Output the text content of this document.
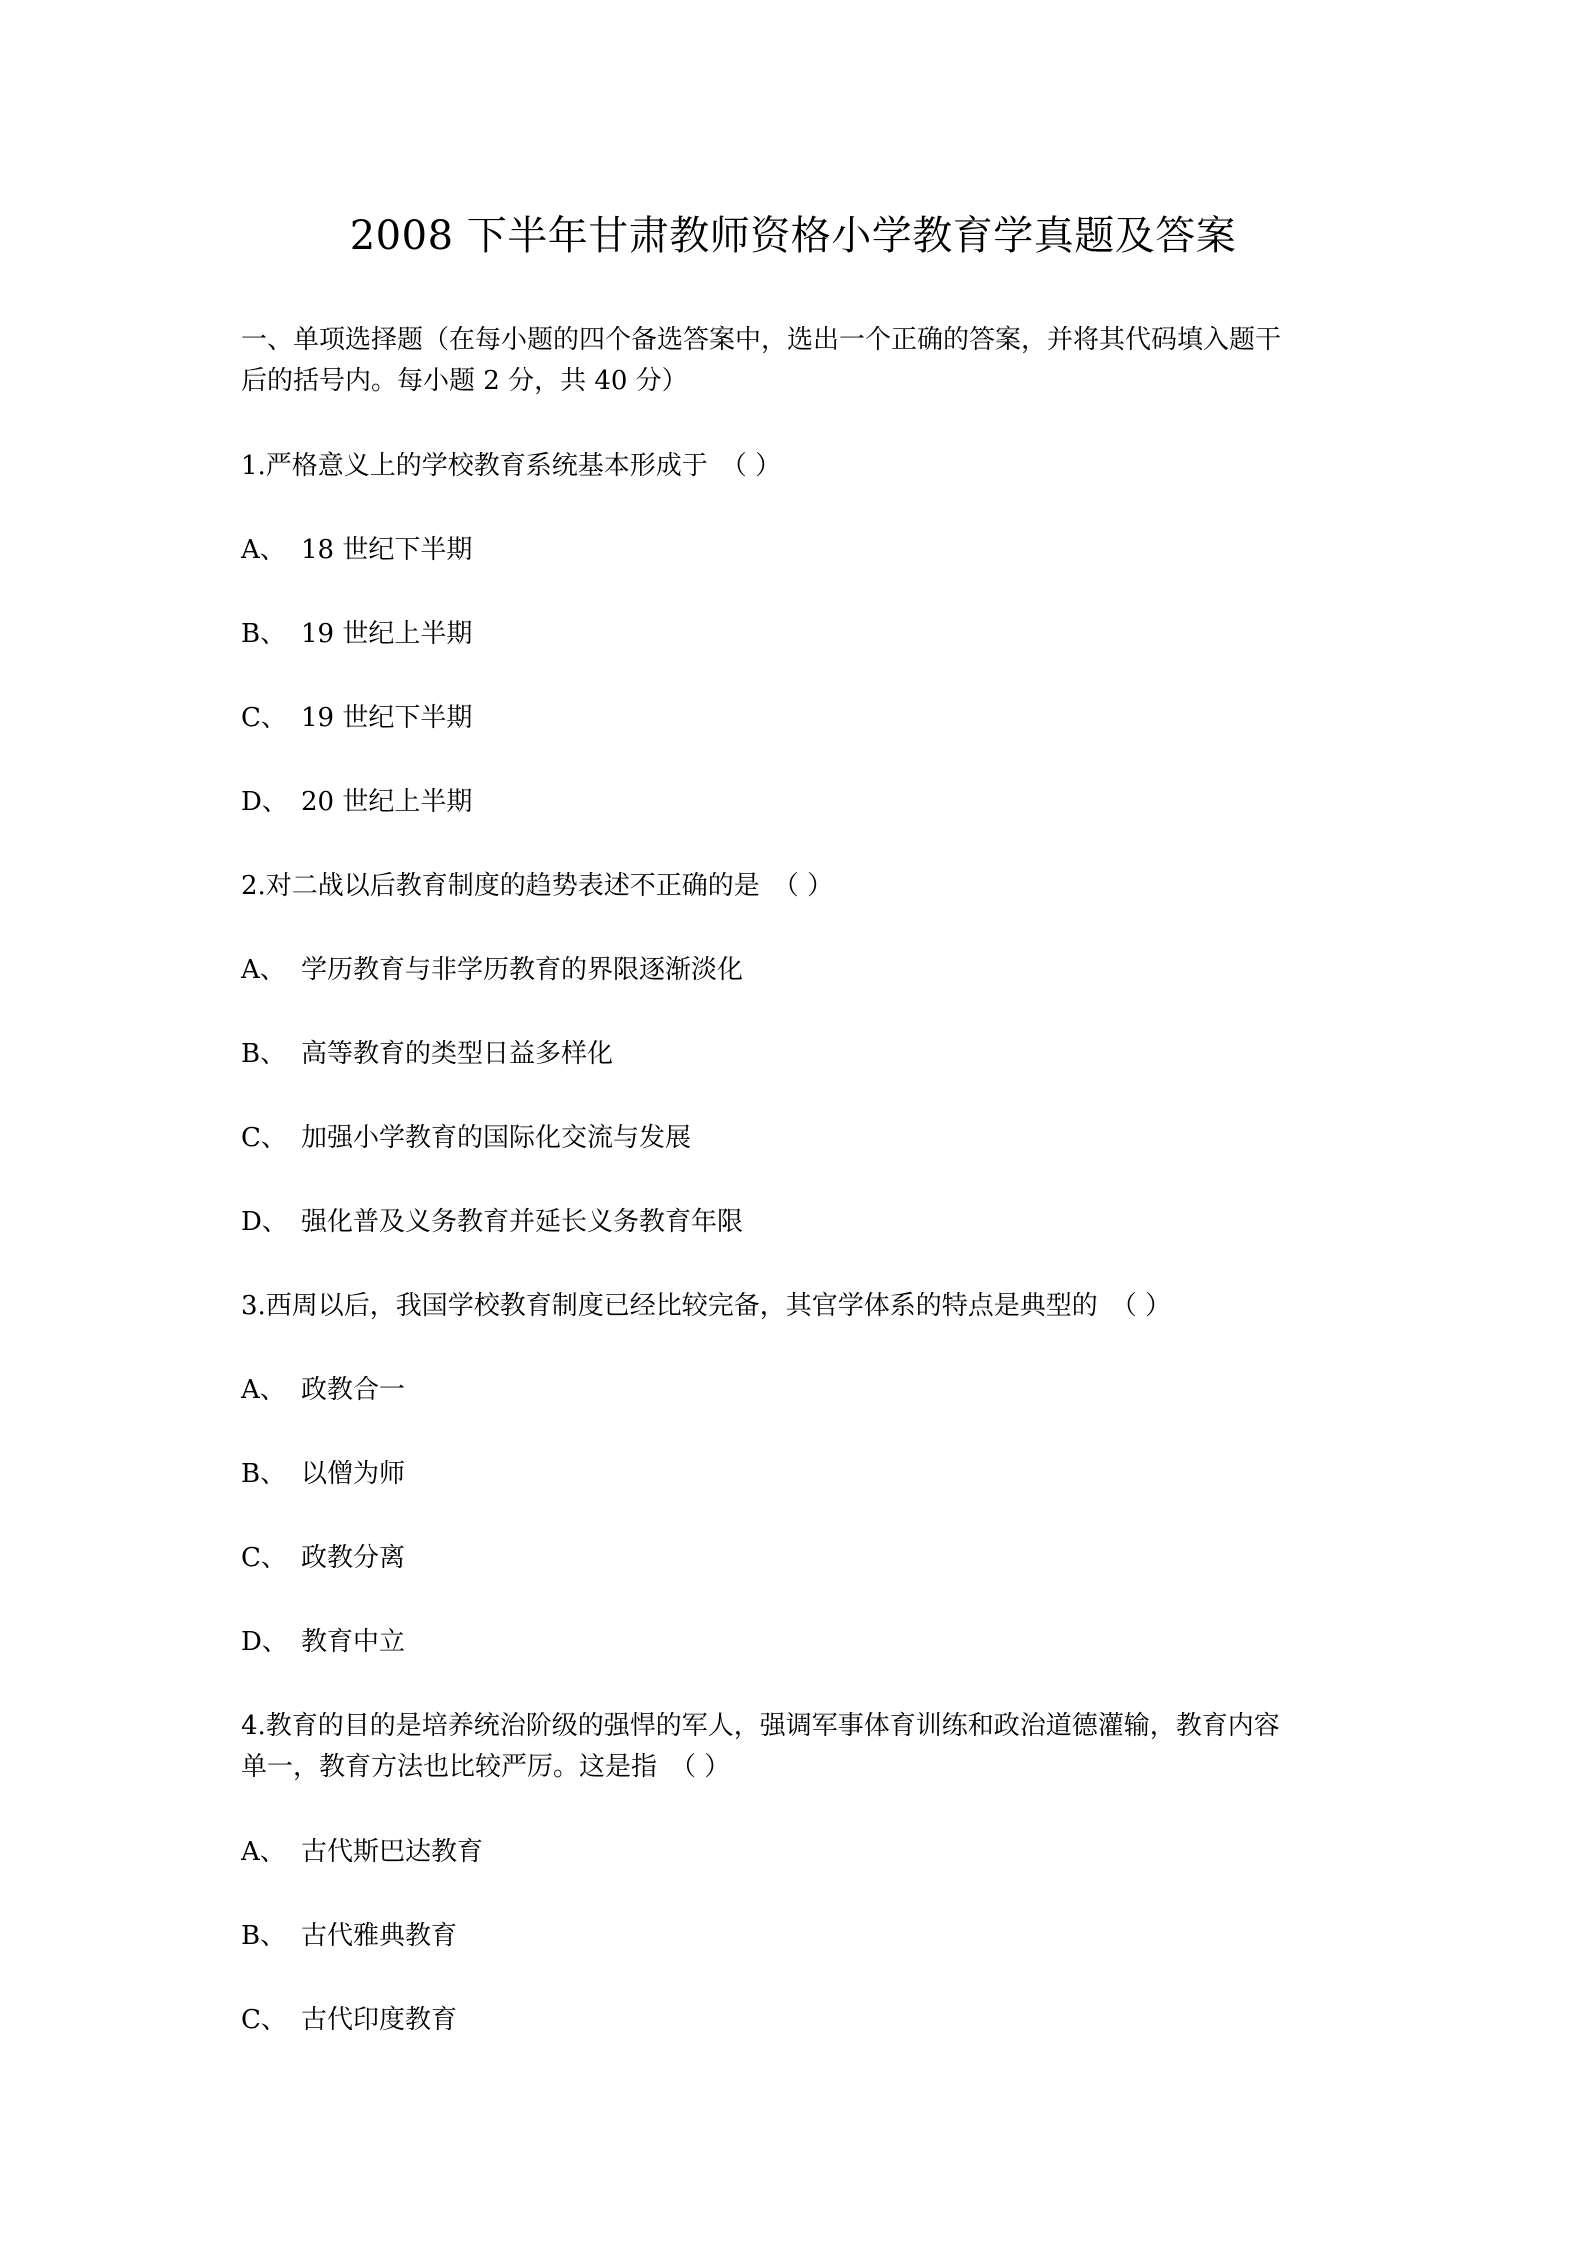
2008 下半年甘肃教师资格小学教育学真题及答案
一、单项选择题（在每小题的四个备选答案中，选出一个正确的答案，并将其代码填入题干
后的括号内。每小题 2 分，共 40 分）
1.严格意义上的学校教育系统基本形成于　（ ）
A、 18 世纪下半期
B、 19 世纪上半期
C、 19 世纪下半期
D、 20 世纪上半期
2.对二战以后教育制度的趋势表述不正确的是　（ ）
A、 学历教育与非学历教育的界限逐渐淡化
B、 高等教育的类型日益多样化
C、 加强小学教育的国际化交流与发展
D、 强化普及义务教育并延长义务教育年限
3.西周以后，我国学校教育制度已经比较完备，其官学体系的特点是典型的　（ ）
A、 政教合一
B、 以僧为师
C、 政教分离
D、 教育中立
4.教育的目的是培养统治阶级的强悍的军人，强调军事体育训练和政治道德灌输，教育内容
单一，教育方法也比较严厉。这是指　（ ）
A、 古代斯巴达教育
B、 古代雅典教育
C、 古代印度教育
